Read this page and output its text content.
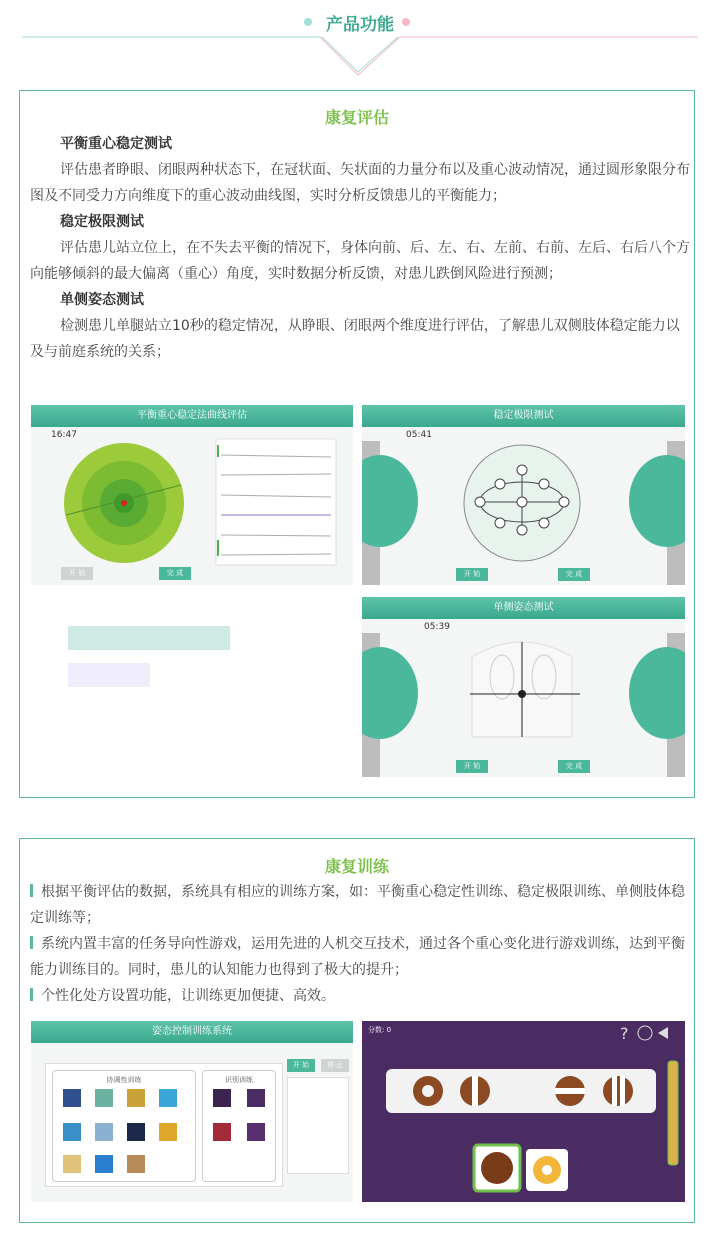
产品功能
康复评估

平衡重心稳定测试

评估患者睁眼、闭眼两种状态下，在冠状面、矢状面的力量分布以及重心波动情况，通过圆形象限分布图及不同受力方向维度下的重心波动曲线图，实时分析反馈患儿的平衡能力；

稳定极限测试

评估患儿站立位上，在不失去平衡的情况下，身体向前、后、左、右、左前、右前、左后、右后八个方向能够倾斜的最大偏离（重心）角度，实时数据分析反馈，对患儿跌倒风险进行预测；

单侧姿态测试

检测患儿单腿站立10秒的稳定情况，从睁眼、闭眼两个维度进行评估，了解患儿双侧肢体稳定能力以及与前庭系统的关系；

平衡重心稳定法曲线评估
16:47
开 始	完 成
稳定极限测试
05:41
开 始	完 成
单侧姿态测试
05:39
开 始	完 成
康复训练

根据平衡评估的数据，系统具有相应的训练方案，如：平衡重心稳定性训练、稳定极限训练、单侧肢体稳定训练等；

系统内置丰富的任务导向性游戏，运用先进的人机交互技术，通过各个重心变化进行游戏训练，达到平衡能力训练目的。同时，患儿的认知能力也得到了极大的提升；

个性化处方设置功能，让训练更加便捷、高效。

姿态控制训练系统
协调性训练	识别训练
开 始	停 止
分数: 0	?
